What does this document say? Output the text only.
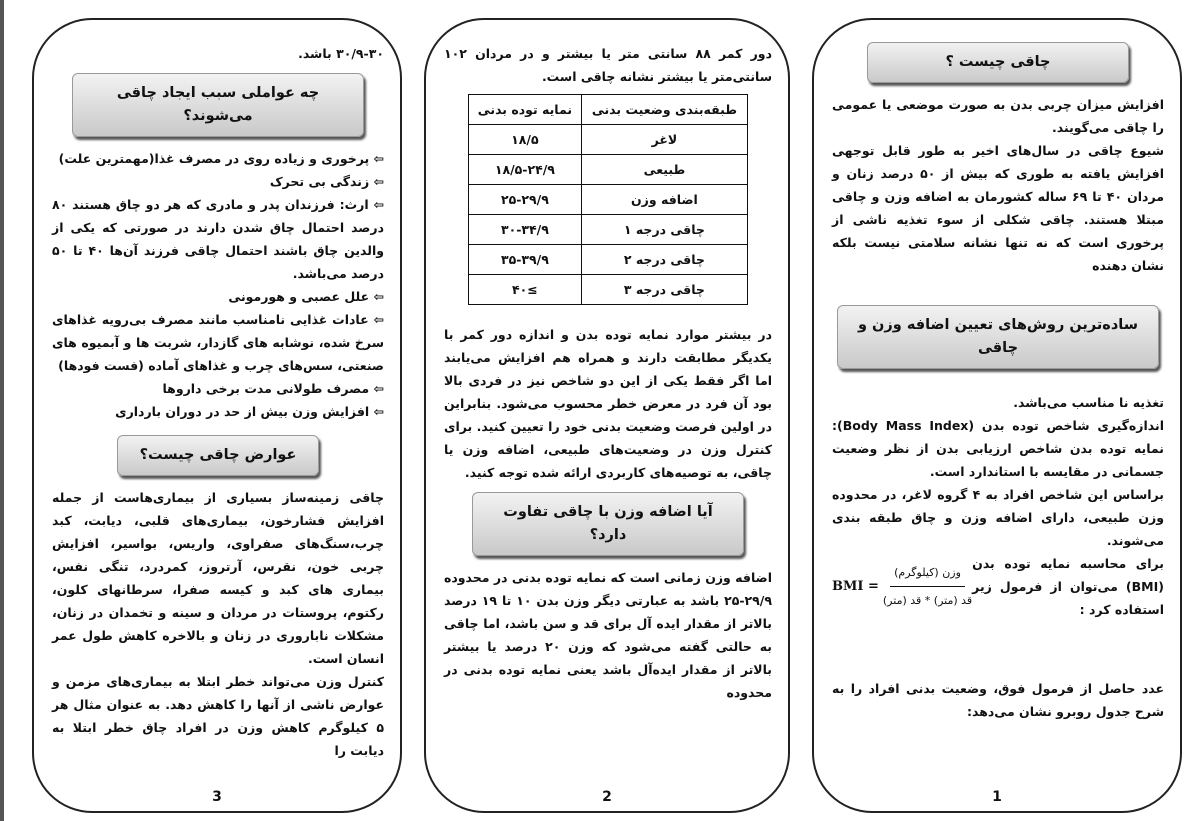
۳۰/۹-۳۰ باشد.
چه عواملی سبب ایجاد چاقی می‌شوند؟
⇦ پرخوری و زیاده روی در مصرف غذا(مهمترین علت)
⇦ زندگی بی تحرک
⇦ ارث: فرزندان پدر و مادری که هر دو چاق هستند ۸۰ درصد احتمال چاق شدن دارند در صورتی که یکی از والدین چاق باشند احتمال چاقی فرزند آن‌ها ۴۰ تا ۵۰ درصد می‌باشد.
⇦ علل عصبی و هورمونی
⇦ عادات غذایی نامناسب مانند مصرف بی‌رویه غذاهای سرخ شده، نوشابه های گازدار، شربت ها و آبمیوه های صنعتی، سس‌های چرب و غذاهای آماده (فست فودها)
⇦ مصرف طولانی مدت برخی داروها
⇦ افزایش وزن بیش از حد در دوران بارداری
عوارض چاقی چیست؟
چاقی زمینه‌ساز بسیاری از بیماری‌هاست از جمله افزایش فشارخون، بیماری‌های قلبی، دیابت، کبد چرب،سنگ‌های صفراوی، واریس، بواسیر، افزایش چربی خون، نقرس، آرتروز، کمردرد، تنگی نفس، بیماری های کبد و کیسه صفرا، سرطانهای کلون، رکتوم، پروستات در مردان و سینه و تخمدان در زنان، مشکلات ناباروری در زنان و بالاخره کاهش طول عمر انسان است.
کنترل وزن می‌تواند خطر ابتلا به بیماری‌های مزمن و عوارض ناشی از آنها را کاهش دهد. به عنوان مثال هر ۵ کیلوگرم کاهش وزن در افراد چاق خطر ابتلا به دیابت را
3
دور کمر ۸۸ سانتی متر یا بیشتر و در مردان ۱۰۲ سانتی‌متر یا بیشتر نشانه چاقی است.
طبقه‌بندی وضعیت بدنی	نمایه توده بدنی
لاغر	۱۸/۵
طبیعی	۱۸/۵-۲۴/۹
اضافه وزن	۲۵-۲۹/۹
چاقی درجه ۱	۳۰-۳۴/۹
چاقی درجه ۲	۳۵-۳۹/۹
چاقی درجه ۳	≥۴۰
در بیشتر موارد نمایه توده بدن و اندازه دور کمر با یکدیگر مطابقت دارند و همراه هم افزایش می‌یابند اما اگر فقط یکی از این دو شاخص نیز در فردی بالا بود آن فرد در معرض خطر محسوب می‌شود. بنابراین در اولین فرصت وضعیت بدنی خود را تعیین کنید. برای کنترل وزن در وضعیت‌های طبیعی، اضافه وزن یا چاقی، به توصیه‌های کاربردی ارائه شده توجه کنید.
آیا اضافه وزن با چاقی تفاوت دارد؟
اضافه وزن زمانی است که نمایه توده بدنی در محدوده ۲۹/۹-۲۵ باشد به عبارتی دیگر وزن بدن ۱۰ تا ۱۹ درصد بالاتر از مقدار ایده آل برای قد و سن باشد، اما چاقی به حالتی گفته می‌شود که وزن ۲۰ درصد یا بیشتر بالاتر از مقدار ایده‌آل باشد یعنی نمایه توده بدنی در محدوده
2
چاقی چیست ؟
افزایش میزان چربی بدن به صورت موضعی یا عمومی را چاقی می‌گویند.
شیوع چاقی در سال‌های اخیر به طور قابل توجهی افزایش یافته به طوری که بیش از ۵۰ درصد زنان و مردان ۴۰ تا ۶۹ ساله کشورمان به اضافه وزن و چاقی مبتلا هستند. چاقی شکلی از سوء تغذیه ناشی از پرخوری است که نه تنها نشانه سلامتی نیست بلکه نشان دهنده
ساده‌ترین روش‌های تعیین اضافه وزن و چاقی
تغذیه نا مناسب می‌باشد.
اندازه‌گیری شاخص توده بدن (Body Mass Index): نمایه توده بدن شاخص ارزیابی بدن از نظر وضعیت جسمانی در مقایسه با استاندارد است.
براساس این شاخص افراد به ۴ گروه لاغر، در محدوده وزن طبیعی، دارای اضافه وزن و چاق طبقه بندی می‌شوند.
برای محاسبه نمایه توده بدن (BMI) می‌توان از فرمول زیر استفاده کرد :
BMI = $\frac{\text{وزن (کیلوگرم)}}{\text{قد (متر) * قد (متر)}}$
عدد حاصل از فرمول فوق، وضعیت بدنی افراد را به شرح جدول روبرو نشان می‌دهد:
1
